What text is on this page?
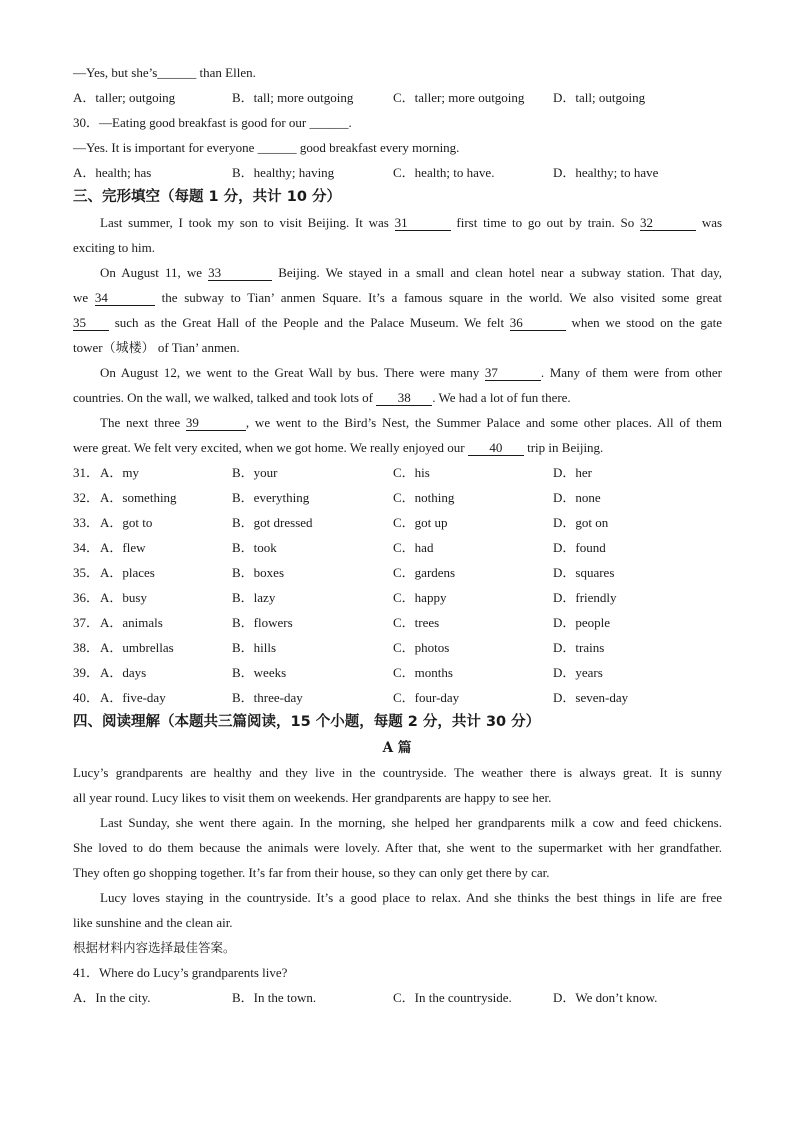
—Yes, but she’s______ than Ellen.
A．taller; outgoing	B．tall; more outgoing	C．taller; more outgoing D．tall; outgoing
30．—Eating good breakfast is good for our ______.
—Yes. It is important for everyone ______ good breakfast every morning.
A．health; has	B．healthy; having	C．health; to have.	D．healthy; to have
三、完形填空（每题 1 分，共计 10 分）
Last summer, I took my son to visit Beijing. It was 31	first time to go out by train. So 32	was
exciting to him.
On August 11, we 33	Beijing. We stayed in a small and clean hotel near a subway station. That day,
we 34	the subway to Tian’ anmen Square. It’s a famous square in the world. We also visited some great
35 such as the Great Hall of the People and the Palace Museum. We felt 36	when we stood on the gate
tower（城楼） of Tian’ anmen.
On August 12, we went to the Great Wall by bus. There were many 37	. Many of them were from other
countries. On the wall, we walked, talked and took lots of 38 . We had a lot of fun there.
The next three 39	, we went to the Bird’s Nest, the Summer Palace and some other places. All of them
were great. We felt very excited, when we got home. We really enjoyed our 40 trip in Beijing.
31． A．my	B．your	C．his	D．her
32． A．something	B．everything	C．nothing	D．none
33． A．got to	B．got dressed	C．got up	D．got on
34． A．flew	B．took	C．had	D．found
35． A．places	B．boxes	C．gardens	D．squares
36． A．busy	B．lazy	C．happy	D．friendly
37． A．animals	B．flowers	C．trees	D．people
38． A．umbrellas	B．hills	C．photos	D．trains
39． A．days	B．weeks	C．months	D．years
40． A．five-day	B．three-day	C．four-day	D．seven-day
四、阅读理解（本题共三篇阅读，15 个小题，每题 2 分，共计 30 分）
A 篇
Lucy’s grandparents are healthy and they live in the countryside. The weather there is always great. It is sunny
all year round. Lucy likes to visit them on weekends. Her grandparents are happy to see her.
Last Sunday, she went there again. In the morning, she helped her grandparents milk a cow and feed chickens.
She loved to do them because the animals were lovely. After that, she went to the supermarket with her grandfather.
They often go shopping together. It’s far from their house, so they can only get there by car.
Lucy loves staying in the countryside. It’s a good place to relax. And she thinks the best things in life are free
like sunshine and the clean air.
根据材料内容选择最佳答案。
41．Where do Lucy’s grandparents live?
A．In the city.	B．In the town.	C．In the countryside.	D．We don’t know.
